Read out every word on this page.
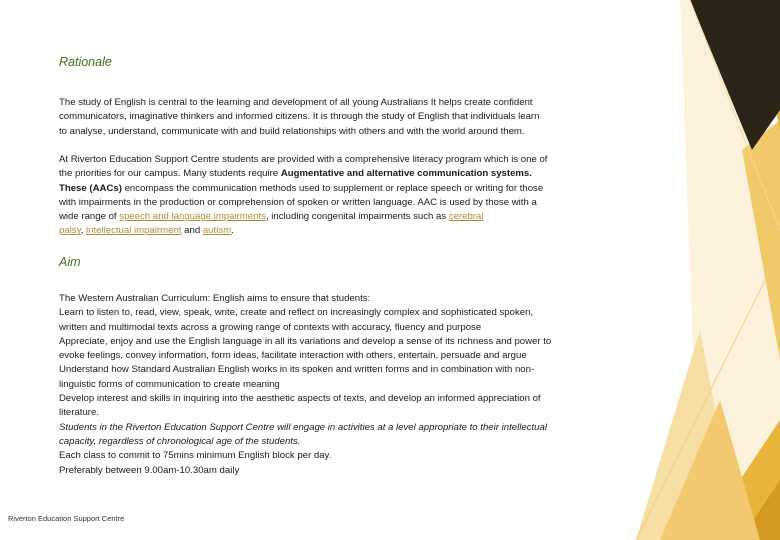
Rationale

The study of English is central to the learning and development of all young Australians It helps create confident
communicators, imaginative thinkers and informed citizens. It is through the study of English that individuals learn
to analyse, understand, communicate with and build relationships with others and with the world around them.

At Riverton Education Support Centre students are provided with a comprehensive literacy program which is one of
the priorities for our campus. Many students require Augmentative and alternative communication systems.
These (AACs) encompass the communication methods used to supplement or replace speech or writing for those
with impairments in the production or comprehension of spoken or written language. AAC is used by those with a
wide range of speech and language impairments, including congenital impairments such as cerebral
palsy, intellectual impairment and autism.

Aim

The Western Australian Curriculum: English aims to ensure that students:
Learn to listen to, read, view, speak, write, create and reflect on increasingly complex and sophisticated spoken,
written and multimodal texts across a growing range of contexts with accuracy, fluency and purpose
Appreciate, enjoy and use the English language in all its variations and develop a sense of its richness and power to
evoke feelings, convey information, form ideas, facilitate interaction with others, entertain, persuade and argue
Understand how Standard Australian English works in its spoken and written forms and in combination with non-
linguistic forms of communication to create meaning
Develop interest and skills in inquiring into the aesthetic aspects of texts, and develop an informed appreciation of
literature.
Students in the Riverton Education Support Centre will engage in activities at a level appropriate to their intellectual
capacity, regardless of chronological age of the students.
Each class to commit to 75mins minimum English block per day.
Preferably between 9.00am-10.30am daily

Riverton Education Support Centre
